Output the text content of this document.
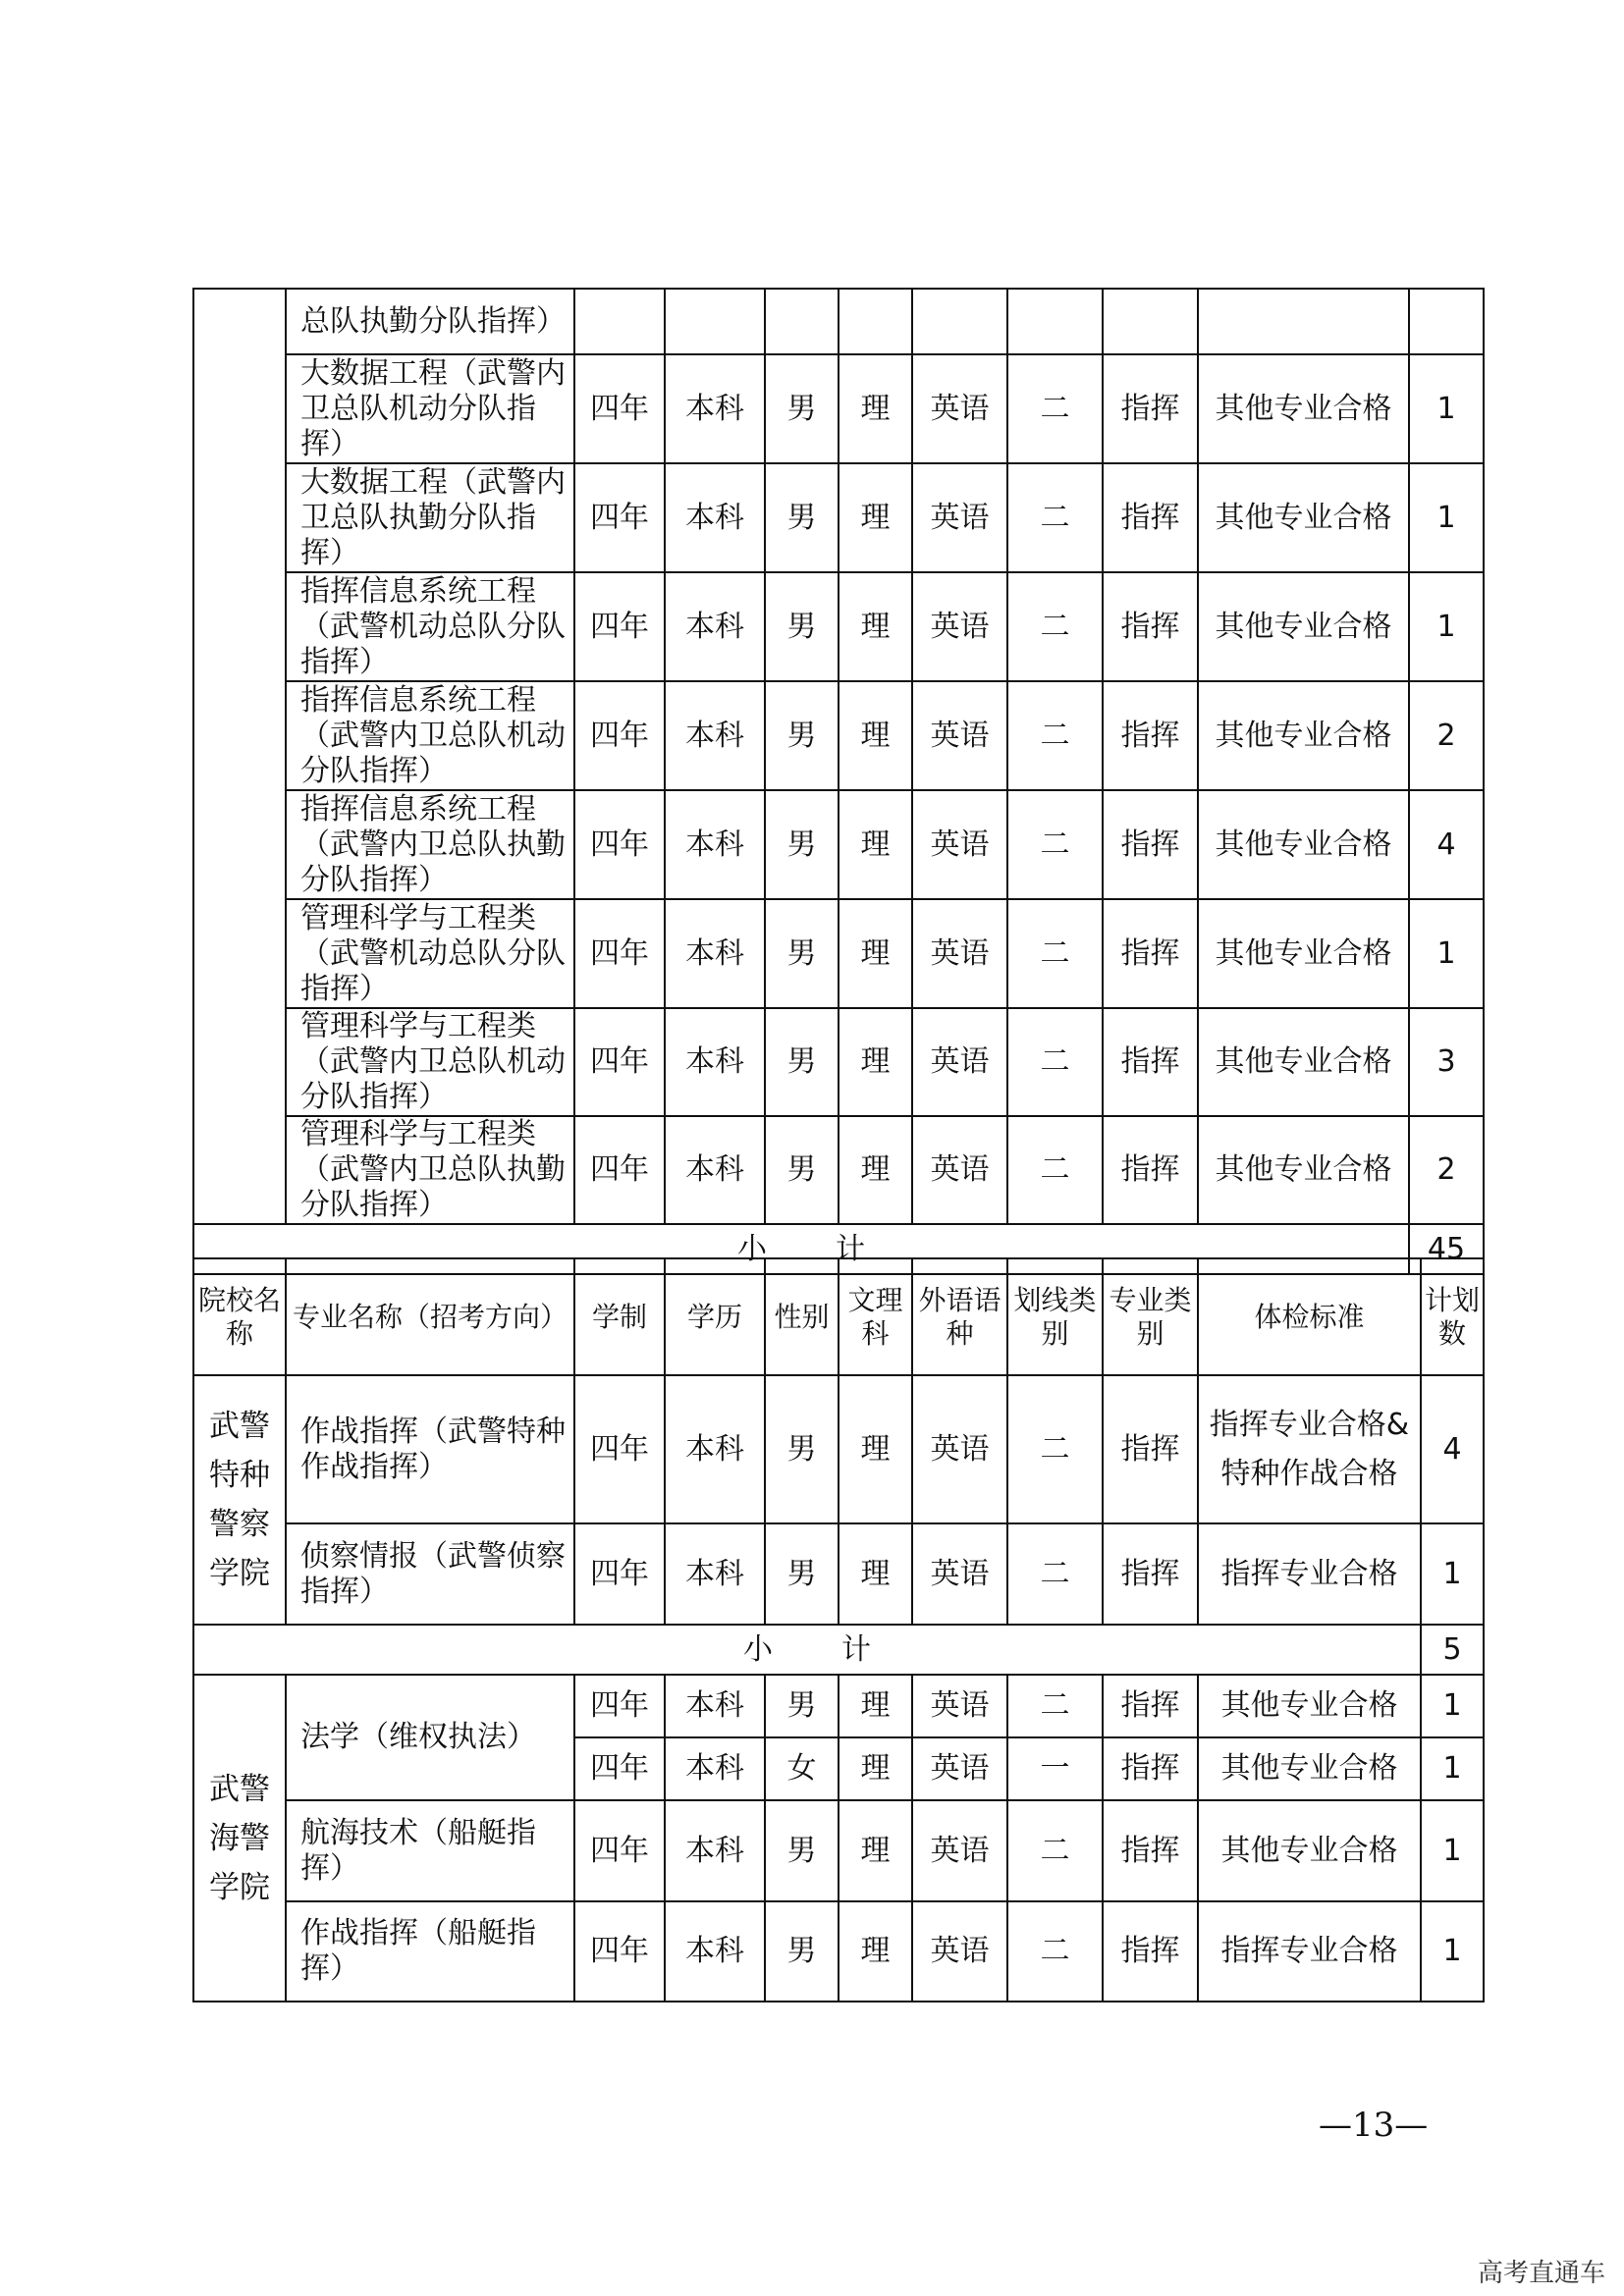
	总队执勤分队指挥）									
	大数据工程（武警内卫总队机动分队指挥）	四年	本科	男	理	英语	二	指挥	其他专业合格	1
	大数据工程（武警内卫总队执勤分队指挥）	四年	本科	男	理	英语	二	指挥	其他专业合格	1
	指挥信息系统工程（武警机动总队分队指挥）	四年	本科	男	理	英语	二	指挥	其他专业合格	1
	指挥信息系统工程（武警内卫总队机动分队指挥）	四年	本科	男	理	英语	二	指挥	其他专业合格	2
	指挥信息系统工程（武警内卫总队执勤分队指挥）	四年	本科	男	理	英语	二	指挥	其他专业合格	4
	管理科学与工程类（武警机动总队分队指挥）	四年	本科	男	理	英语	二	指挥	其他专业合格	1
	管理科学与工程类（武警内卫总队机动分队指挥）	四年	本科	男	理	英语	二	指挥	其他专业合格	3
	管理科学与工程类（武警内卫总队执勤分队指挥）	四年	本科	男	理	英语	二	指挥	其他专业合格	2
小 计										45
院校名称	专业名称（招考方向）	学制	学历	性别	文理科	外语语种	划线类别	专业类别	体检标准	计划数
武警特种警察学院	作战指挥（武警特种作战指挥）	四年	本科	男	理	英语	二	指挥	指挥专业合格&特种作战合格	4
	侦察情报（武警侦察指挥）	四年	本科	男	理	英语	二	指挥	指挥专业合格	1
小 计										5
武警海警学院	法学（维权执法）	四年	本科	男	理	英语	二	指挥	其他专业合格	1
		四年	本科	女	理	英语	一	指挥	其他专业合格	1
	航海技术（船艇指挥）	四年	本科	男	理	英语	二	指挥	其他专业合格	1
	作战指挥（船艇指挥）	四年	本科	男	理	英语	二	指挥	指挥专业合格	1
—13—
高考直通车
